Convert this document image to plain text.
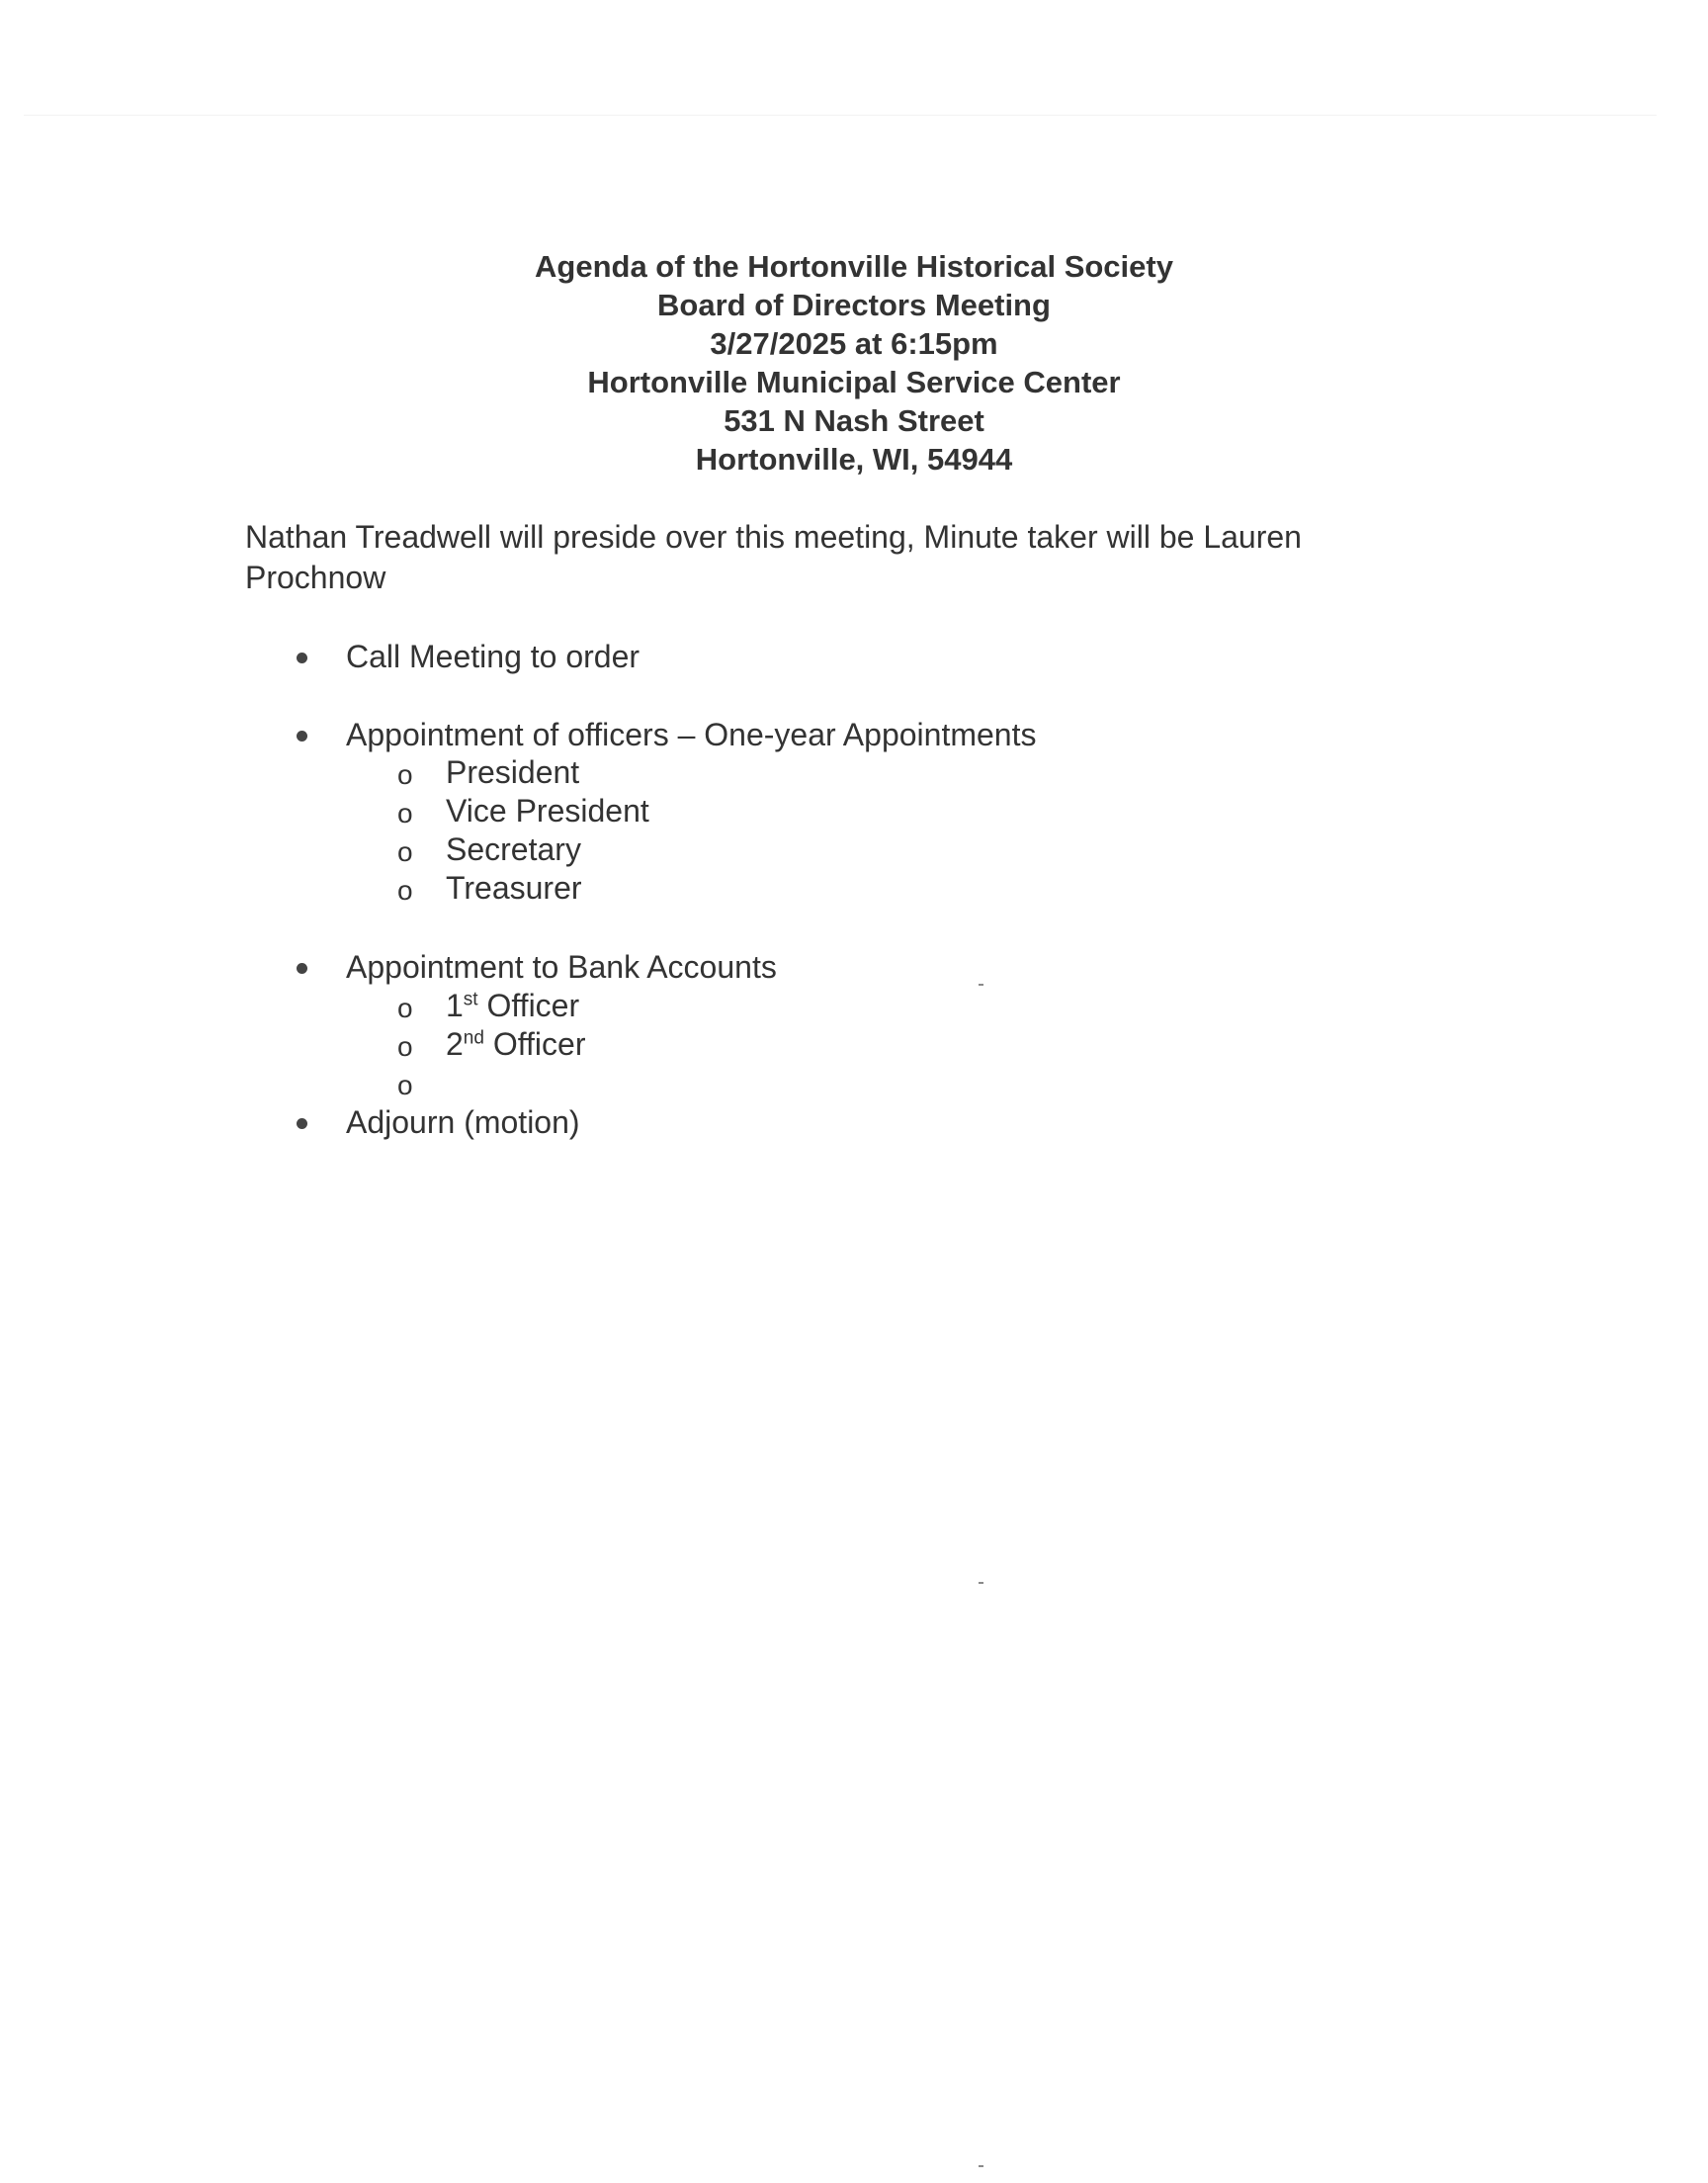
Agenda of the Hortonville Historical Society
Board of Directors Meeting
3/27/2025 at 6:15pm
Hortonville Municipal Service Center
531 N Nash Street
Hortonville, WI, 54944
Nathan Treadwell will preside over this meeting, Minute taker will be Lauren Prochnow
Call Meeting to order
Appointment of officers – One-year Appointments
o President
o Vice President
o Secretary
o Treasurer
Appointment to Bank Accounts
o 1st Officer
o 2nd Officer
o
Adjourn (motion)
